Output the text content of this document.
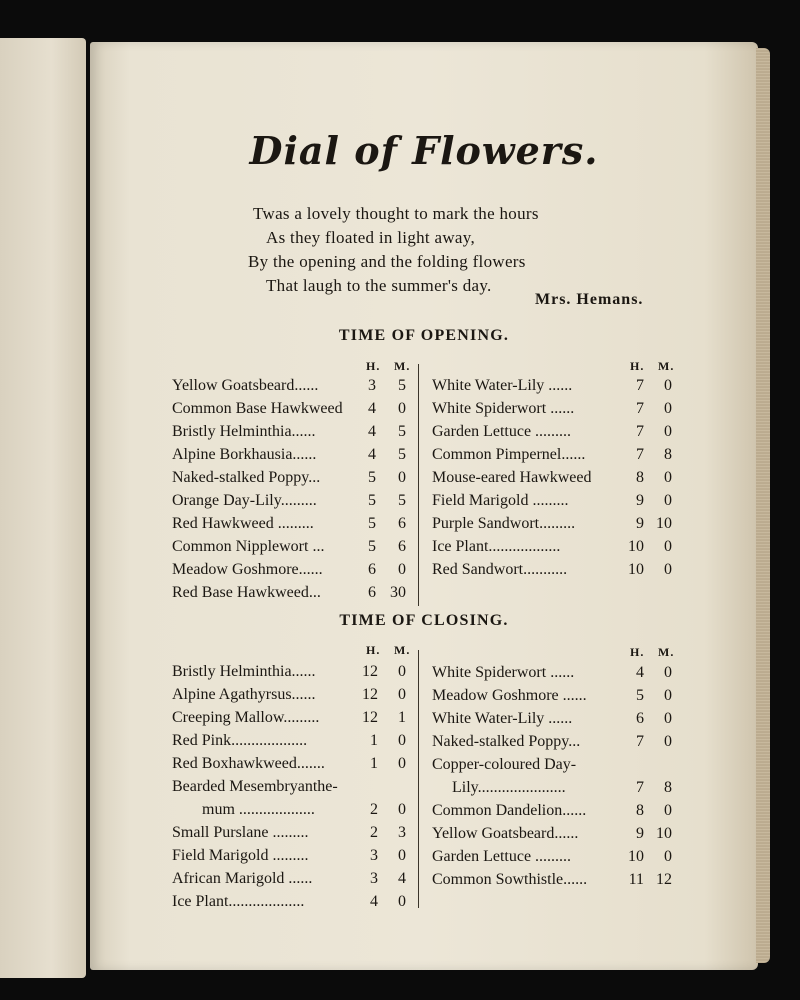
Dial of Flowers.
Twas a lovely thought to mark the hours
As they floated in light away,
By the opening and the folding flowers
That laugh to the summer's day.
Mrs. Hemans.
TIME OF OPENING.
H. M.	H. M.
Yellow Goatsbeard......	3	5
Common Base Hawkweed	4	0
Bristly Helminthia......	4	5
Alpine Borkhausia......	4	5
Naked-stalked Poppy...	5	0
Orange Day-Lily.........	5	5
Red Hawkweed .........	5	6
Common Nipplewort ...	5	6
Meadow Goshmore......	6	0
Red Base Hawkweed...	6 30
White Water-Lily ......	7	0
White Spiderwort ......	7	0
Garden Lettuce .........	7	0
Common Pimpernel......	7	8
Mouse-eared Hawkweed	8	0
Field Marigold .........	9	0
Purple Sandwort.........	9 10
Ice Plant..................	10	0
Red Sandwort...........	10	0
TIME OF CLOSING.
H. M.	H. M.
Bristly Helminthia......	12	0
Alpine Agathyrsus......	12	0
Creeping Mallow.........	12	1
Red Pink...................	1	0
Red Boxhawkweed.......	1	0
Bearded Mesembryanthe-
mum ...................	2	0
Small Purslane .........	2	3
Field Marigold .........	3	0
African Marigold ......	3	4
Ice Plant...................	4	0
White Spiderwort ......	4	0
Meadow Goshmore ......	5	0
White Water-Lily ......	6	0
Naked-stalked Poppy...	7	0
Copper-coloured Day-
Lily......................	7	8
Common Dandelion......	8	0
Yellow Goatsbeard......	9 10
Garden Lettuce .........	10	0
Common Sowthistle......	11 12
